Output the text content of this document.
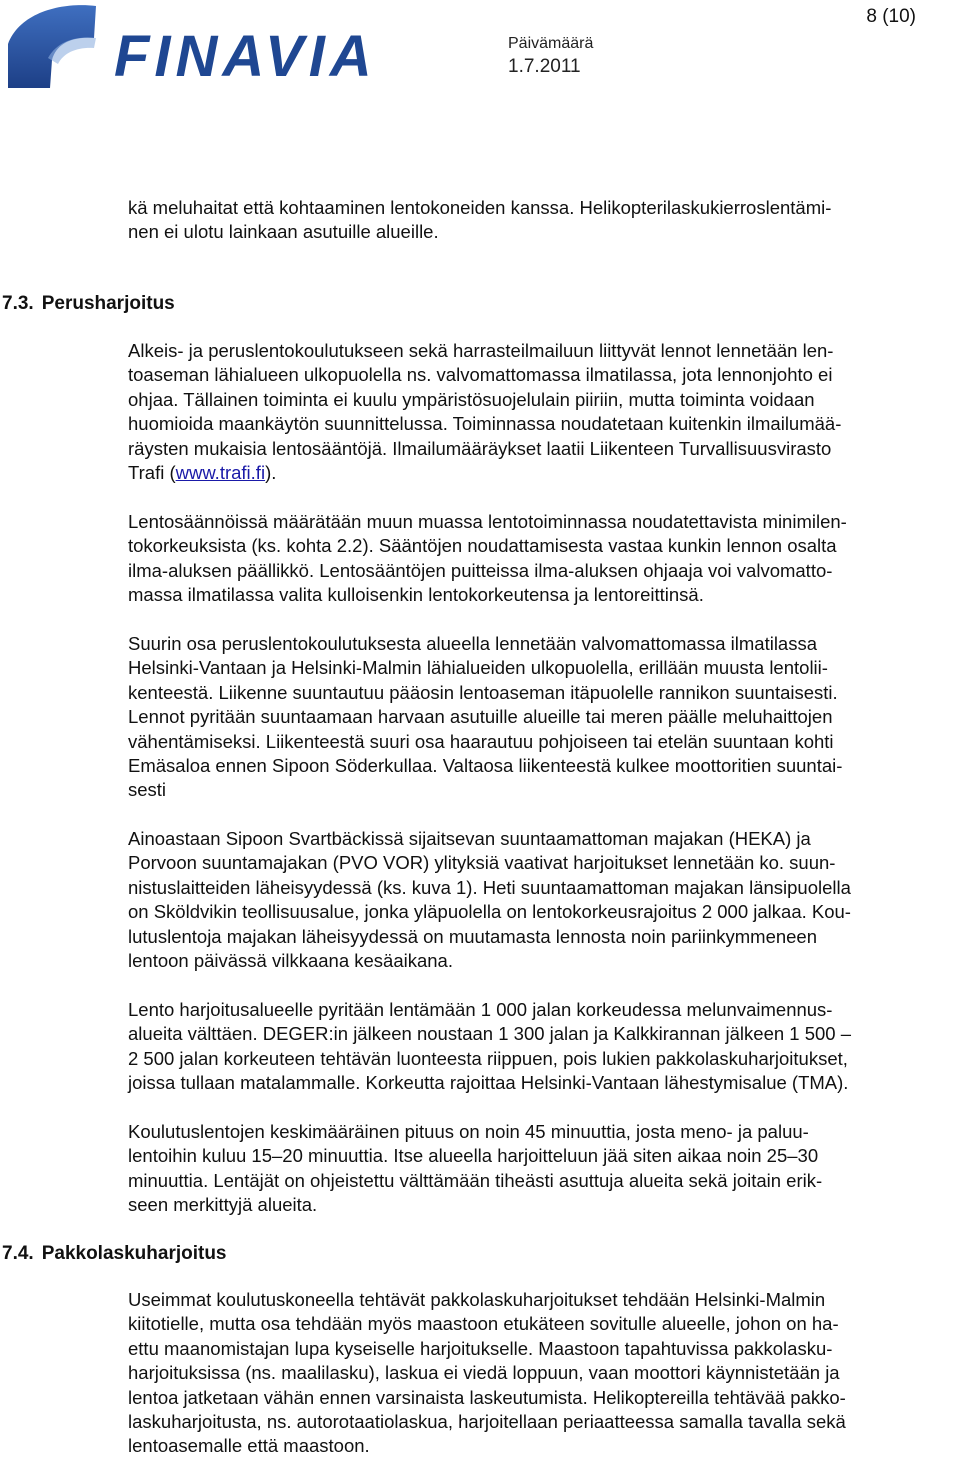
FINAVIA
8 (10)
Päivämäärä
1.7.2011

kä meluhaitat että kohtaaminen lentokoneiden kanssa. Helikopterilaskukierroslentämi-
nen ei ulotu lainkaan asutuille alueille.

7.3. Perusharjoitus

Alkeis- ja peruslentokoulutukseen sekä harrasteilmailuun liittyvät lennot lennetään len-
toaseman lähialueen ulkopuolella ns. valvomattomassa ilmatilassa, jota lennonjohto ei
ohjaa. Tällainen toiminta ei kuulu ympäristösuojelulain piiriin, mutta toiminta voidaan
huomioida maankäytön suunnittelussa. Toiminnassa noudatetaan kuitenkin ilmailumää-
räysten mukaisia lentosääntöjä. Ilmailumääräykset laatii Liikenteen Turvallisuusvirasto
Trafi (www.trafi.fi).

Lentosäännöissä määrätään muun muassa lentotoiminnassa noudatettavista minimilen-
tokorkeuksista (ks. kohta 2.2). Sääntöjen noudattamisesta vastaa kunkin lennon osalta
ilma-aluksen päällikkö. Lentosääntöjen puitteissa ilma-aluksen ohjaaja voi valvomatto-
massa ilmatilassa valita kulloisenkin lentokorkeutensa ja lentoreittinsä.

Suurin osa peruslentokoulutuksesta alueella lennetään valvomattomassa ilmatilassa
Helsinki-Vantaan ja Helsinki-Malmin lähialueiden ulkopuolella, erillään muusta lentolii-
kenteestä. Liikenne suuntautuu pääosin lentoaseman itäpuolelle rannikon suuntaisesti.
Lennot pyritään suuntaamaan harvaan asutuille alueille tai meren päälle meluhaittojen
vähentämiseksi. Liikenteestä suuri osa haarautuu pohjoiseen tai etelän suuntaan kohti
Emäsaloa ennen Sipoon Söderkullaa. Valtaosa liikenteestä kulkee moottoritien suuntai-
sesti

Ainoastaan Sipoon Svartbäckissä sijaitsevan suuntaamattoman majakan (HEKA) ja
Porvoon suuntamajakan (PVO VOR) ylityksiä vaativat harjoitukset lennetään ko. suun-
nistuslaitteiden läheisyydessä (ks. kuva 1). Heti suuntaamattoman majakan länsipuolella
on Sköldvikin teollisuusalue, jonka yläpuolella on lentokorkeusrajoitus 2 000 jalkaa. Kou-
lutuslentoja majakan läheisyydessä on muutamasta lennosta noin pariinkymmeneen
lentoon päivässä vilkkaana kesäaikana.

Lento harjoitusalueelle pyritään lentämään 1 000 jalan korkeudessa melunvaimennus-
alueita välttäen. DEGER:in jälkeen noustaan 1 300 jalan ja Kalkkirannan jälkeen 1 500 –
2 500 jalan korkeuteen tehtävän luonteesta riippuen, pois lukien pakkolaskuharjoitukset,
joissa tullaan matalammalle. Korkeutta rajoittaa Helsinki-Vantaan lähestymisalue (TMA).

Koulutuslentojen keskimääräinen pituus on noin 45 minuuttia, josta meno- ja paluu-
lentoihin kuluu 15–20 minuuttia. Itse alueella harjoitteluun jää siten aikaa noin 25–30
minuuttia. Lentäjät on ohjeistettu välttämään tiheästi asuttuja alueita sekä joitain erik-
seen merkittyjä alueita.

7.4. Pakkolaskuharjoitus

Useimmat koulutuskoneella tehtävät pakkolaskuharjoitukset tehdään Helsinki-Malmin
kiitotielle, mutta osa tehdään myös maastoon etukäteen sovitulle alueelle, johon on ha-
ettu maanomistajan lupa kyseiselle harjoitukselle. Maastoon tapahtuvissa pakkolasku-
harjoituksissa (ns. maalilasku), laskua ei viedä loppuun, vaan moottori käynnistetään ja
lentoa jatketaan vähän ennen varsinaista laskeutumista. Helikoptereilla tehtävää pakko-
laskuharjoitusta, ns. autorotaatiolaskua, harjoitellaan periaatteessa samalla tavalla sekä
lentoasemalle että maastoon.
